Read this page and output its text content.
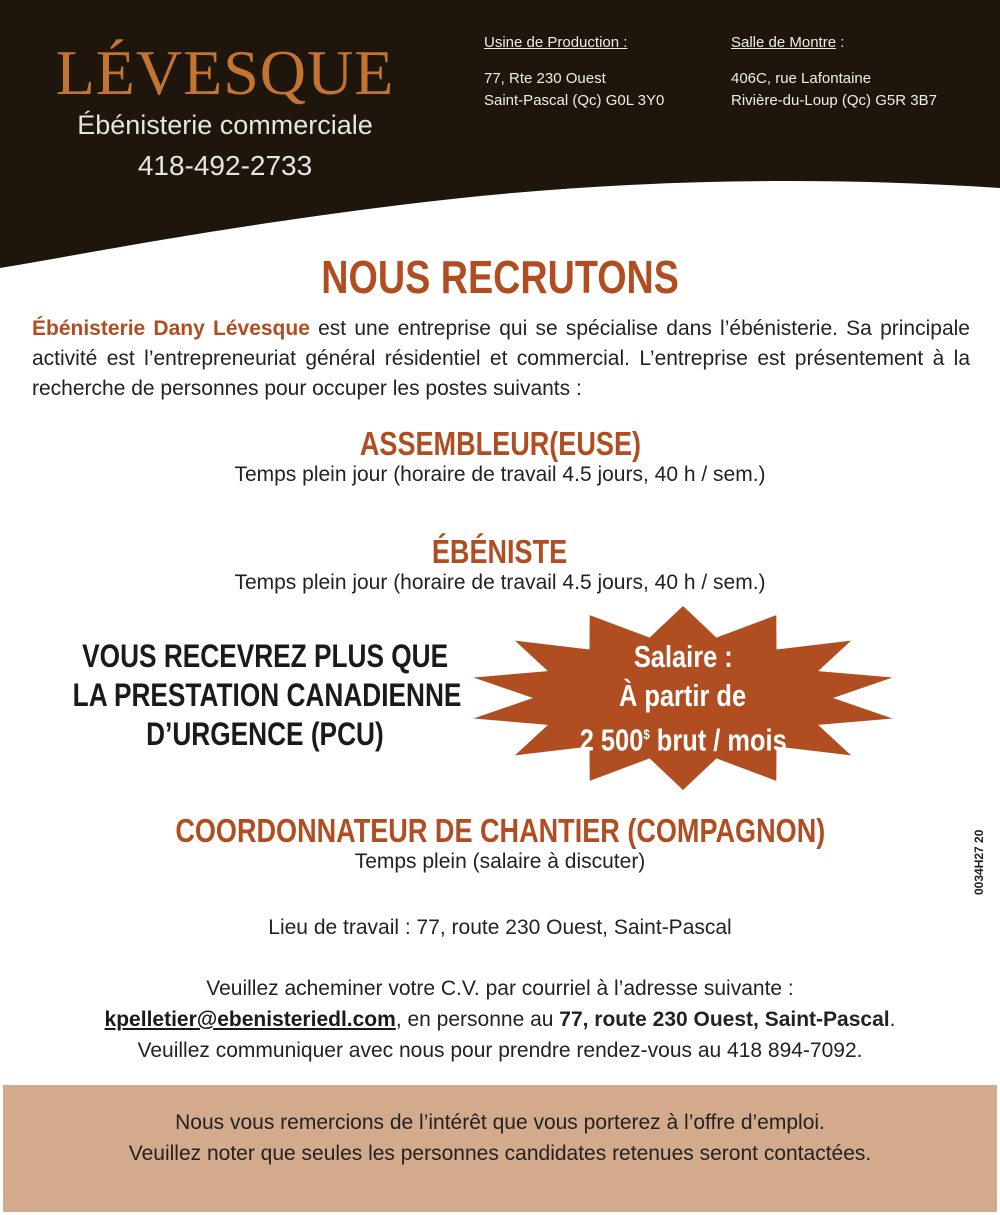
LÉVESQUE
Ébénisterie commerciale
418-492-2733
Usine de Production :
77, Rte 230 Ouest
Saint-Pascal (Qc) G0L 3Y0
Salle de Montre :
406C, rue Lafontaine
Rivière-du-Loup (Qc) G5R 3B7
NOUS RECRUTONS

Ébénisterie Dany Lévesque est une entreprise qui se spécialise dans l’ébénisterie. Sa principale activité est l’entrepreneuriat général résidentiel et commercial. L’entreprise est présentement à la recherche de personnes pour occuper les postes suivants :

ASSEMBLEUR(EUSE)
Temps plein jour (horaire de travail 4.5 jours, 40 h / sem.)
ÉBÉNISTE
Temps plein jour (horaire de travail 4.5 jours, 40 h / sem.)
VOUS RECEVREZ PLUS QUE
LA PRESTATION CANADIENNE
D’URGENCE (PCU)
Salaire :
À partir de
2 500$ brut / mois
COORDONNATEUR DE CHANTIER (COMPAGNON)
Temps plein (salaire à discuter)	0034H27 20
Lieu de travail : 77, route 230 Ouest, Saint-Pascal
Veuillez acheminer votre C.V. par courriel à l’adresse suivante :
kpelletier@ebenisteriedl.com, en personne au 77, route 230 Ouest, Saint-Pascal.
Veuillez communiquer avec nous pour prendre rendez-vous au 418 894-7092.
Nous vous remercions de l’intérêt que vous porterez à l’offre d’emploi.
Veuillez noter que seules les personnes candidates retenues seront contactées.
